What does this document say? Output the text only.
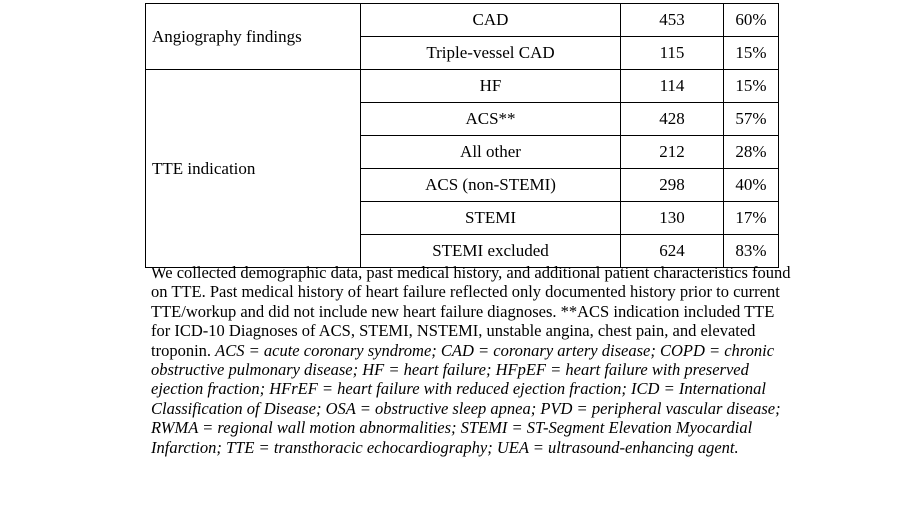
Angiography findings	CAD	453	60%
	Triple-vessel CAD	115	15%
TTE indication	HF	114	15%
	ACS**	428	57%
	All other	212	28%
	ACS (non-STEMI)	298	40%
	STEMI	130	17%
	STEMI excluded	624	83%
We collected demographic data, past medical history, and additional patient characteristics found on TTE. Past medical history of heart failure reflected only documented history prior to current TTE/workup and did not include new heart failure diagnoses. **ACS indication included TTE for ICD-10 Diagnoses of ACS, STEMI, NSTEMI, unstable angina, chest pain, and elevated troponin. ACS = acute coronary syndrome; CAD = coronary artery disease; COPD = chronic obstructive pulmonary disease; HF = heart failure; HFpEF = heart failure with preserved ejection fraction; HFrEF = heart failure with reduced ejection fraction; ICD = International Classification of Disease; OSA = obstructive sleep apnea; PVD = peripheral vascular disease; RWMA = regional wall motion abnormalities; STEMI = ST-Segment Elevation Myocardial Infarction; TTE = transthoracic echocardiography; UEA = ultrasound-enhancing agent.
